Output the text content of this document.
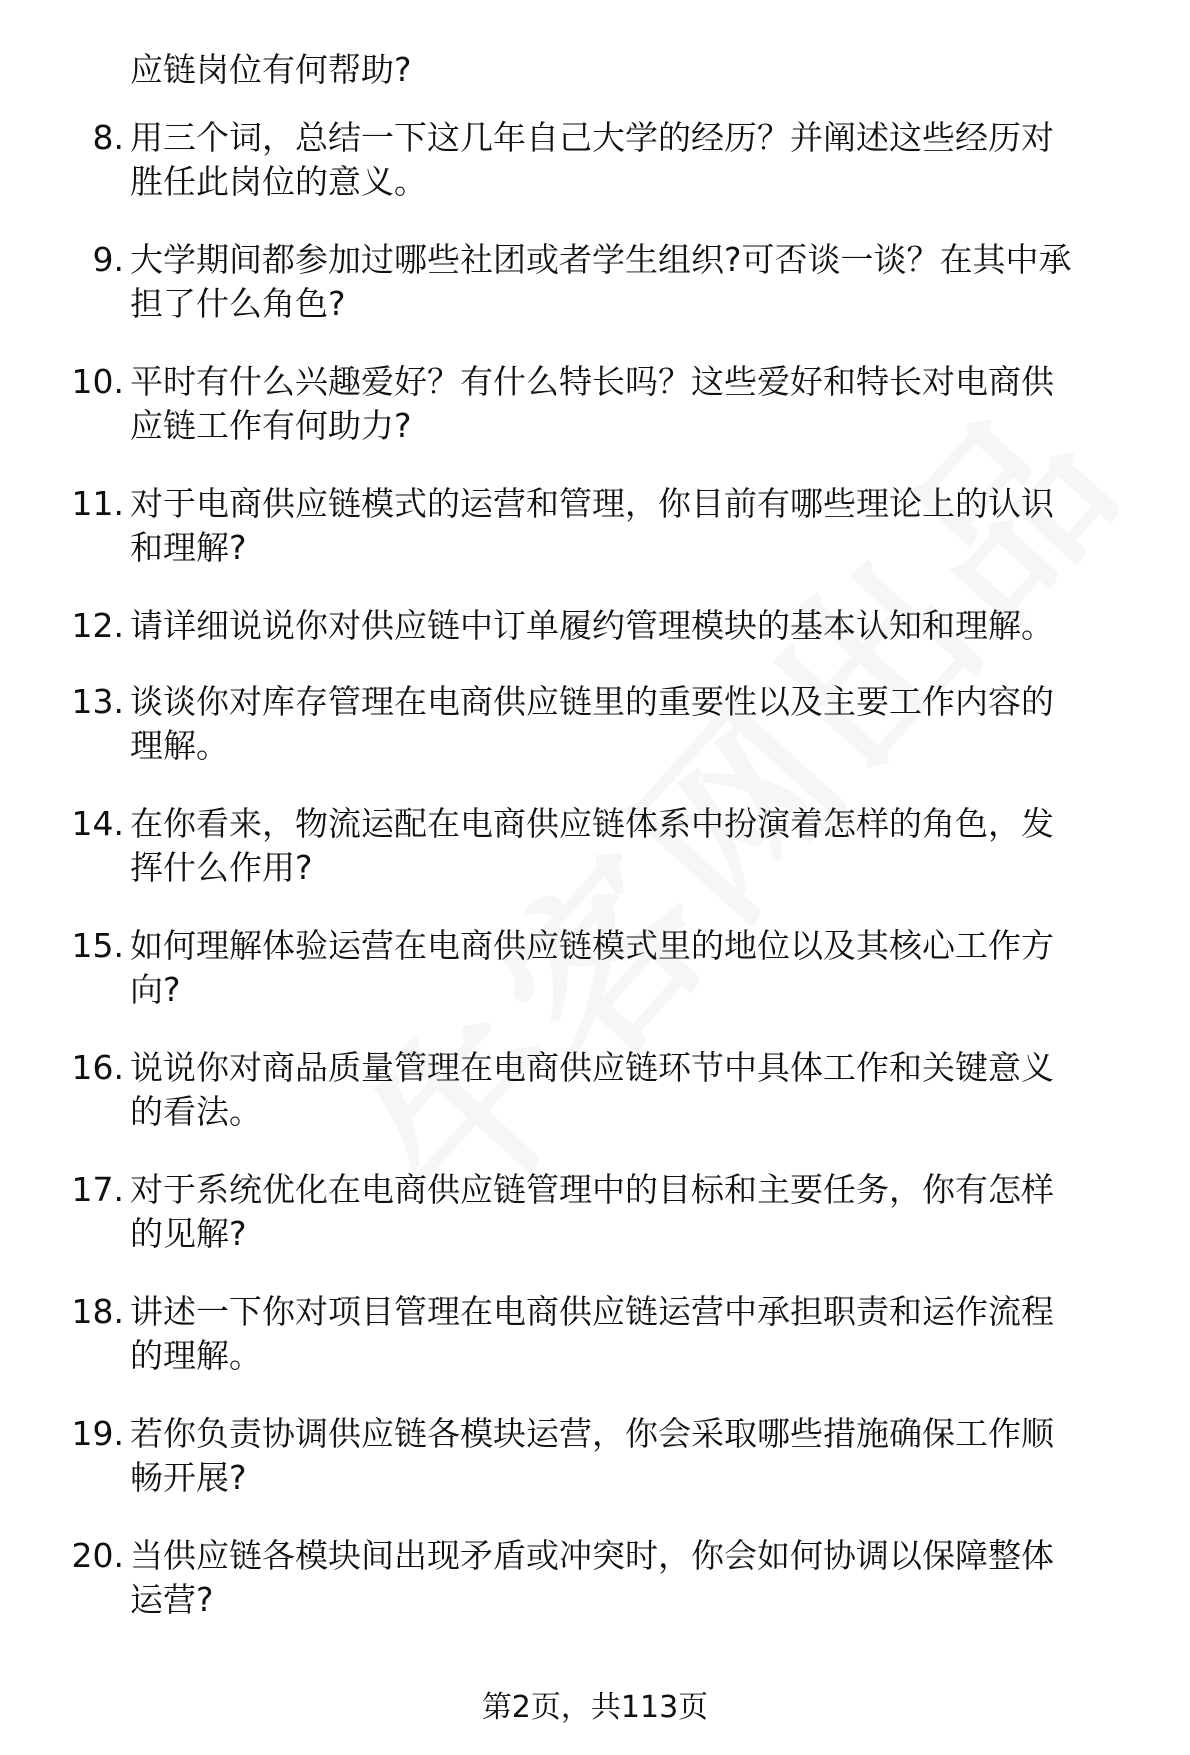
应链岗位有何帮助?
8. 用三个词，总结一下这几年自己大学的经历？并阐述这些经历对
胜任此岗位的意义。
9. 大学期间都参加过哪些社团或者学生组织?可否谈一谈？在其中承
担了什么角色?
10. 平时有什么兴趣爱好？有什么特长吗？这些爱好和特长对电商供
应链工作有何助力?
11. 对于电商供应链模式的运营和管理，你目前有哪些理论上的认识
和理解?
12. 请详细说说你对供应链中订单履约管理模块的基本认知和理解。
13. 谈谈你对库存管理在电商供应链里的重要性以及主要工作内容的
理解。
14. 在你看来，物流运配在电商供应链体系中扮演着怎样的角色，发
挥什么作用?
15. 如何理解体验运营在电商供应链模式里的地位以及其核心工作方
向?
16. 说说你对商品质量管理在电商供应链环节中具体工作和关键意义
的看法。
17. 对于系统优化在电商供应链管理中的目标和主要任务，你有怎样
的见解?
18. 讲述一下你对项目管理在电商供应链运营中承担职责和运作流程
的理解。
19. 若你负责协调供应链各模块运营，你会采取哪些措施确保工作顺
畅开展?
20. 当供应链各模块间出现矛盾或冲突时，你会如何协调以保障整体
运营?
第2页，共113页
